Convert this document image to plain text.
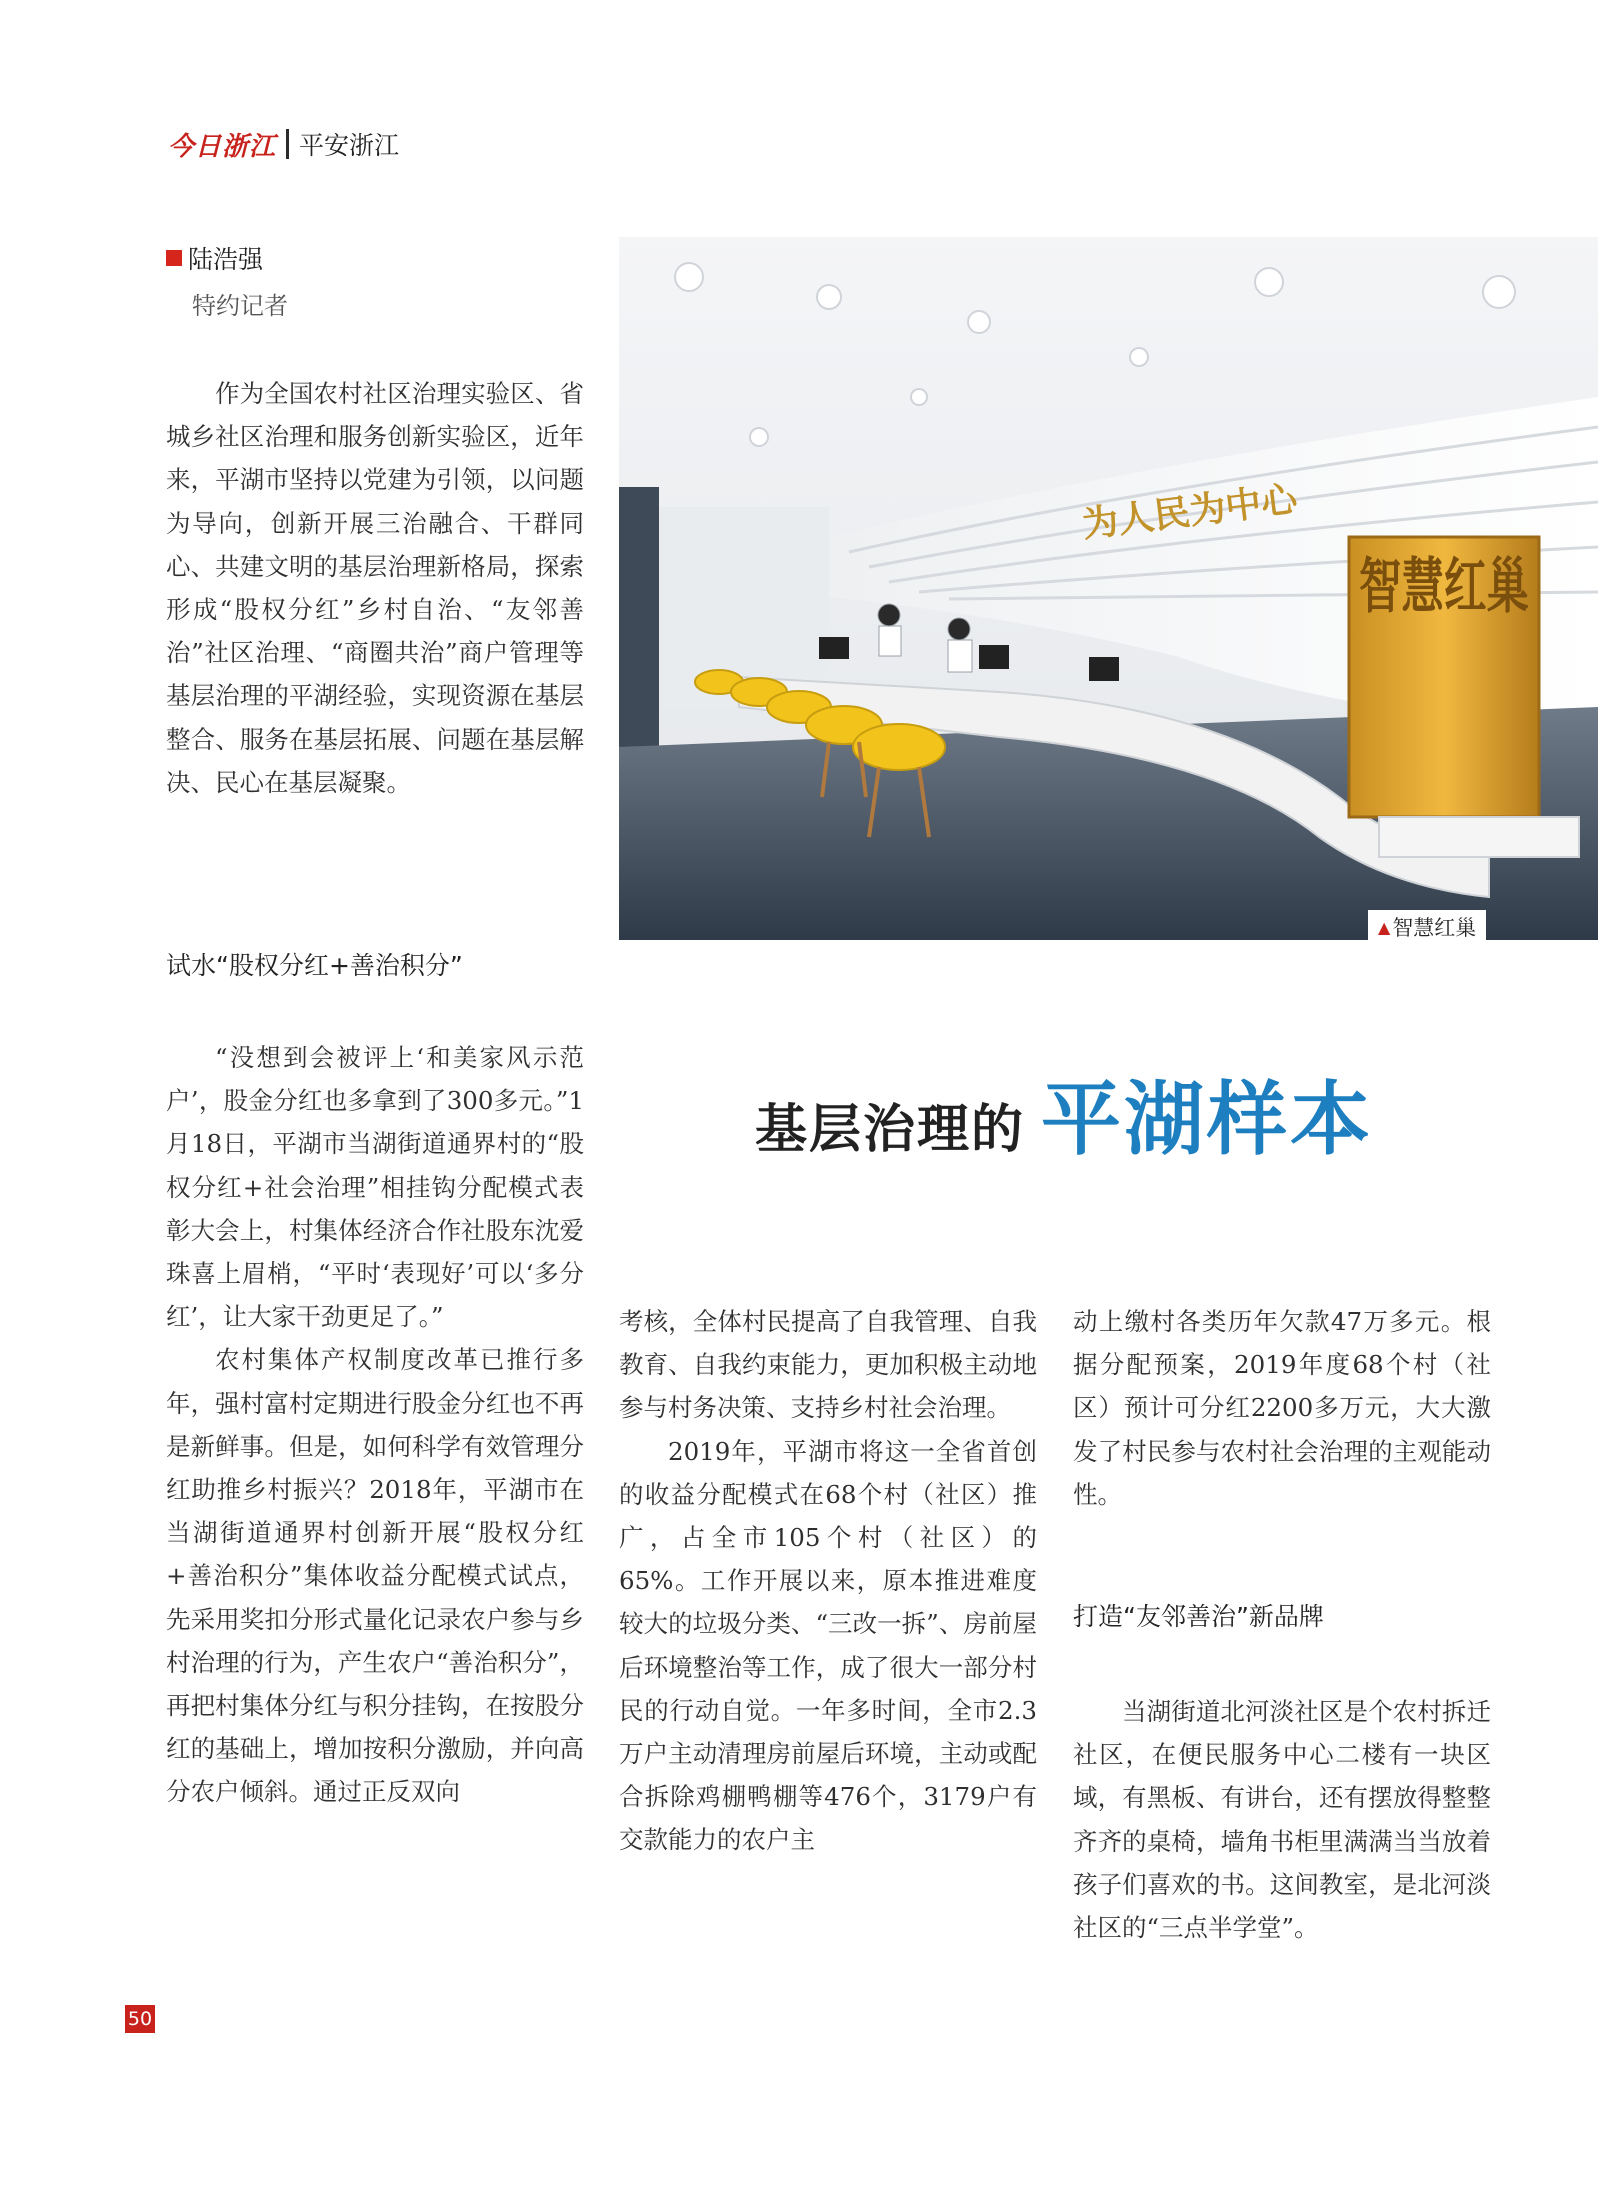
今日浙江 平安浙江
陆浩强
特约记者

作为全国农村社区治理实验区、省城乡社区治理和服务创新实验区，近年来，平湖市坚持以党建为引领，以问题为导向，创新开展三治融合、干群同心、共建文明的基层治理新格局，探索形成“股权分红”乡村自治、“友邻善治”社区治理、“商圈共治”商户管理等基层治理的平湖经验，实现资源在基层整合、服务在基层拓展、问题在基层解决、民心在基层凝聚。

试水“股权分红+善治积分”

“没想到会被评上‘和美家风示范户’，股金分红也多拿到了300多元。”1月18日，平湖市当湖街道通界村的“股权分红+社会治理”相挂钩分配模式表彰大会上，村集体经济合作社股东沈爱珠喜上眉梢，“平时‘表现好’可以‘多分红’，让大家干劲更足了。”

农村集体产权制度改革已推行多年，强村富村定期进行股金分红也不再是新鲜事。但是，如何科学有效管理分红助推乡村振兴？2018年，平湖市在当湖街道通界村创新开展“股权分红+善治积分”集体收益分配模式试点，先采用奖扣分形式量化记录农户参与乡村治理的行为，产生农户“善治积分”，再把村集体分红与积分挂钩，在按股分红的基础上，增加按积分激励，并向高分农户倾斜。通过正反双向

为人民为中心
智慧红巢
▲智慧红巢
基层治理的 平湖样本

考核，全体村民提高了自我管理、自我教育、自我约束能力，更加积极主动地参与村务决策、支持乡村社会治理。

2019年，平湖市将这一全省首创的收益分配模式在68个村（社区）推广，占全市105个村（社区）的65%。工作开展以来，原本推进难度较大的垃圾分类、“三改一拆”、房前屋后环境整治等工作，成了很大一部分村民的行动自觉。一年多时间，全市2.3万户主动清理房前屋后环境，主动或配合拆除鸡棚鸭棚等476个，3179户有交款能力的农户主

动上缴村各类历年欠款47万多元。根据分配预案，2019年度68个村（社区）预计可分红2200多万元，大大激发了村民参与农村社会治理的主观能动性。

打造“友邻善治”新品牌

当湖街道北河淡社区是个农村拆迁社区，在便民服务中心二楼有一块区域，有黑板、有讲台，还有摆放得整整齐齐的桌椅，墙角书柜里满满当当放着孩子们喜欢的书。这间教室，是北河淡社区的“三点半学堂”。

50
